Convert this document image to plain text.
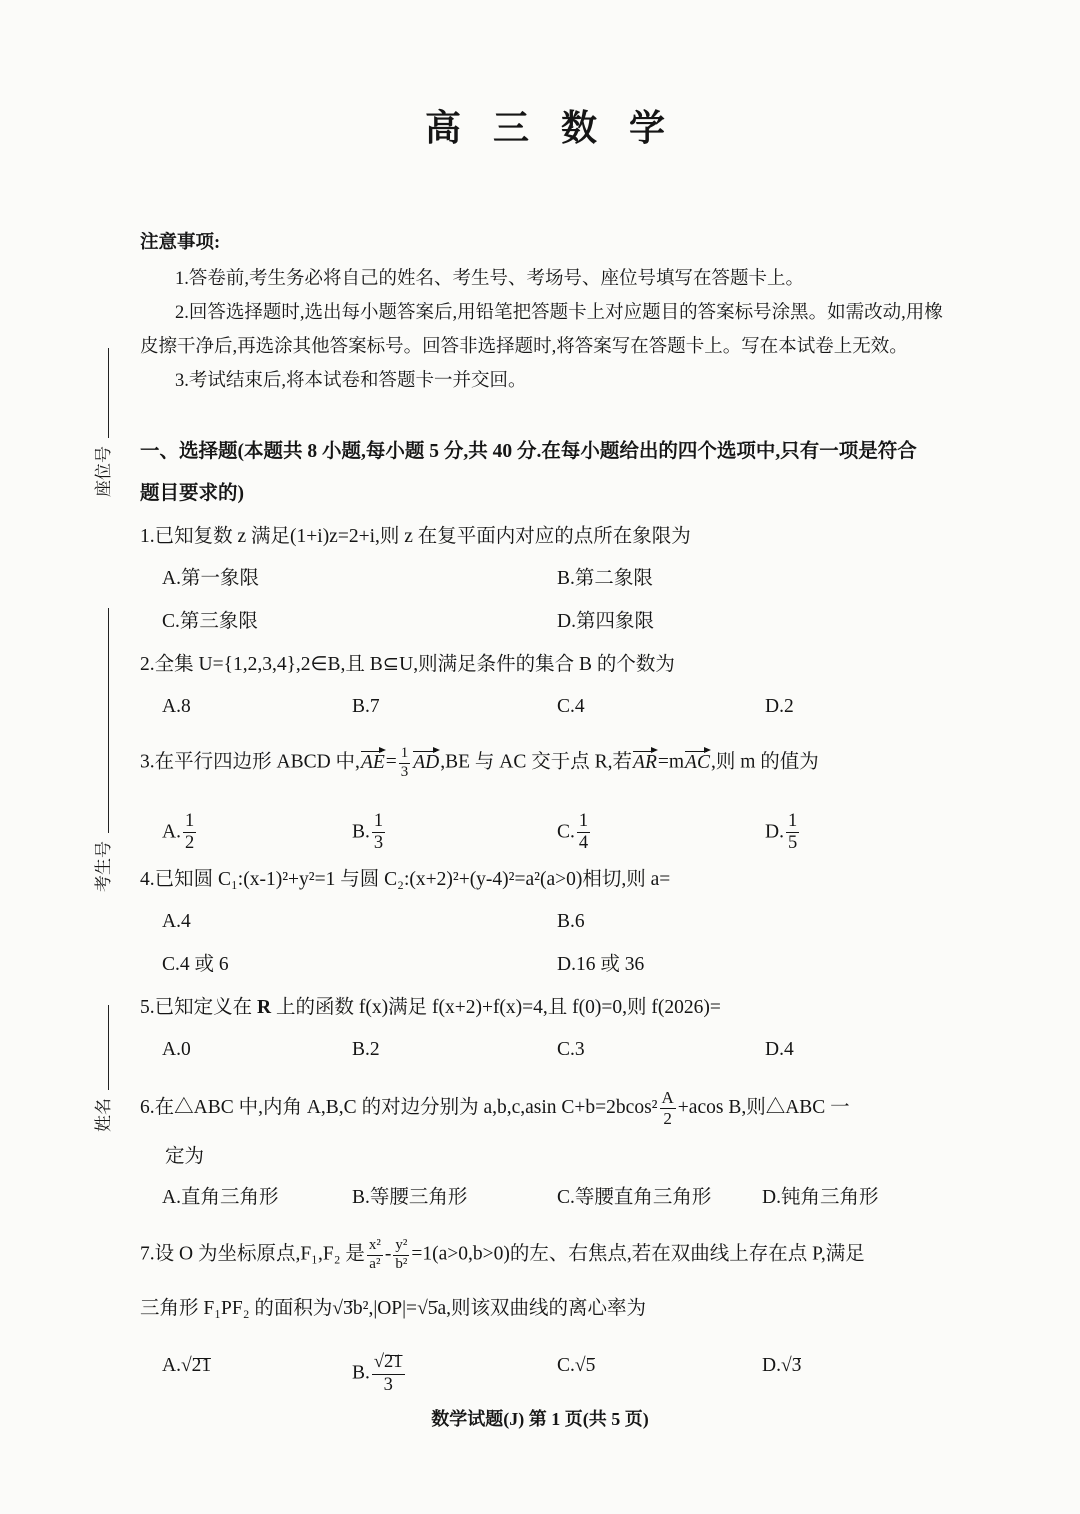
高三数学
座位号
考生号
姓名
注意事项:
1.答卷前,考生务必将自己的姓名、考生号、考场号、座位号填写在答题卡上。
2.回答选择题时,选出每小题答案后,用铅笔把答题卡上对应题目的答案标号涂黑。如需改动,用橡
皮擦干净后,再选涂其他答案标号。回答非选择题时,将答案写在答题卡上。写在本试卷上无效。
3.考试结束后,将本试卷和答题卡一并交回。
一、选择题(本题共 8 小题,每小题 5 分,共 40 分.在每小题给出的四个选项中,只有一项是符合
题目要求的)
1.已知复数 z 满足(1+i)z=2+i,则 z 在复平面内对应的点所在象限为
A.第一象限	B.第二象限
C.第三象限	D.第四象限
2.全集 U={1,2,3,4},2∈B,且 B⊆U,则满足条件的集合 B 的个数为
A.8	B.7	C.4	D.2
3.在平行四边形 ABCD 中$,AE= \frac{1}{3} AD,BE$ 与 AC 交于点 R,若AR=mAC,则 m 的值为
A. $\frac{1}{2}$	B. $\frac{1}{3}$	C. $\frac{1}{4}$	D. $\frac{1}{5}$
4.已知圆 C₁:(x-1)²+y²=1 与圆 C₂:(x+2)²+(y-4)²=a²(a>0)相切,则 a=
A.4	B.6
C.4 或 6	D.16 或 36
5.已知定义在 R 上的函数 f(x)满足 f(x+2)+f(x)=4,且 f(0)=0,则 f(2026)=
A.0	B.2	C.3	D.4
6.在△ABC 中,内角 A,B,C 的对边分别为 a,b,c,asin $C+b=2bcos^2 \frac{A}{2} +acos$ B,则△ABC 一
定为
A.直角三角形	B.等腰三角形	C.等腰直角三角形	D.钝角三角形
7.设 O 为坐标原点,F₁,F₂ 是 $\frac{\text{x²}}{\text{a²}} - \frac{\text{y²}}{\text{b²}} =1(a>0,b>0)$的左、右焦点,若在双曲线上存在点 P,满足
三角形 F₁PF₂ 的面积为√3b²,|OP|=√5a,则该双曲线的离心率为
A.√21	B. $\frac{√21}{3}$	C.√5	D.√3
数学试题(J) 第 1 页(共 5 页)
